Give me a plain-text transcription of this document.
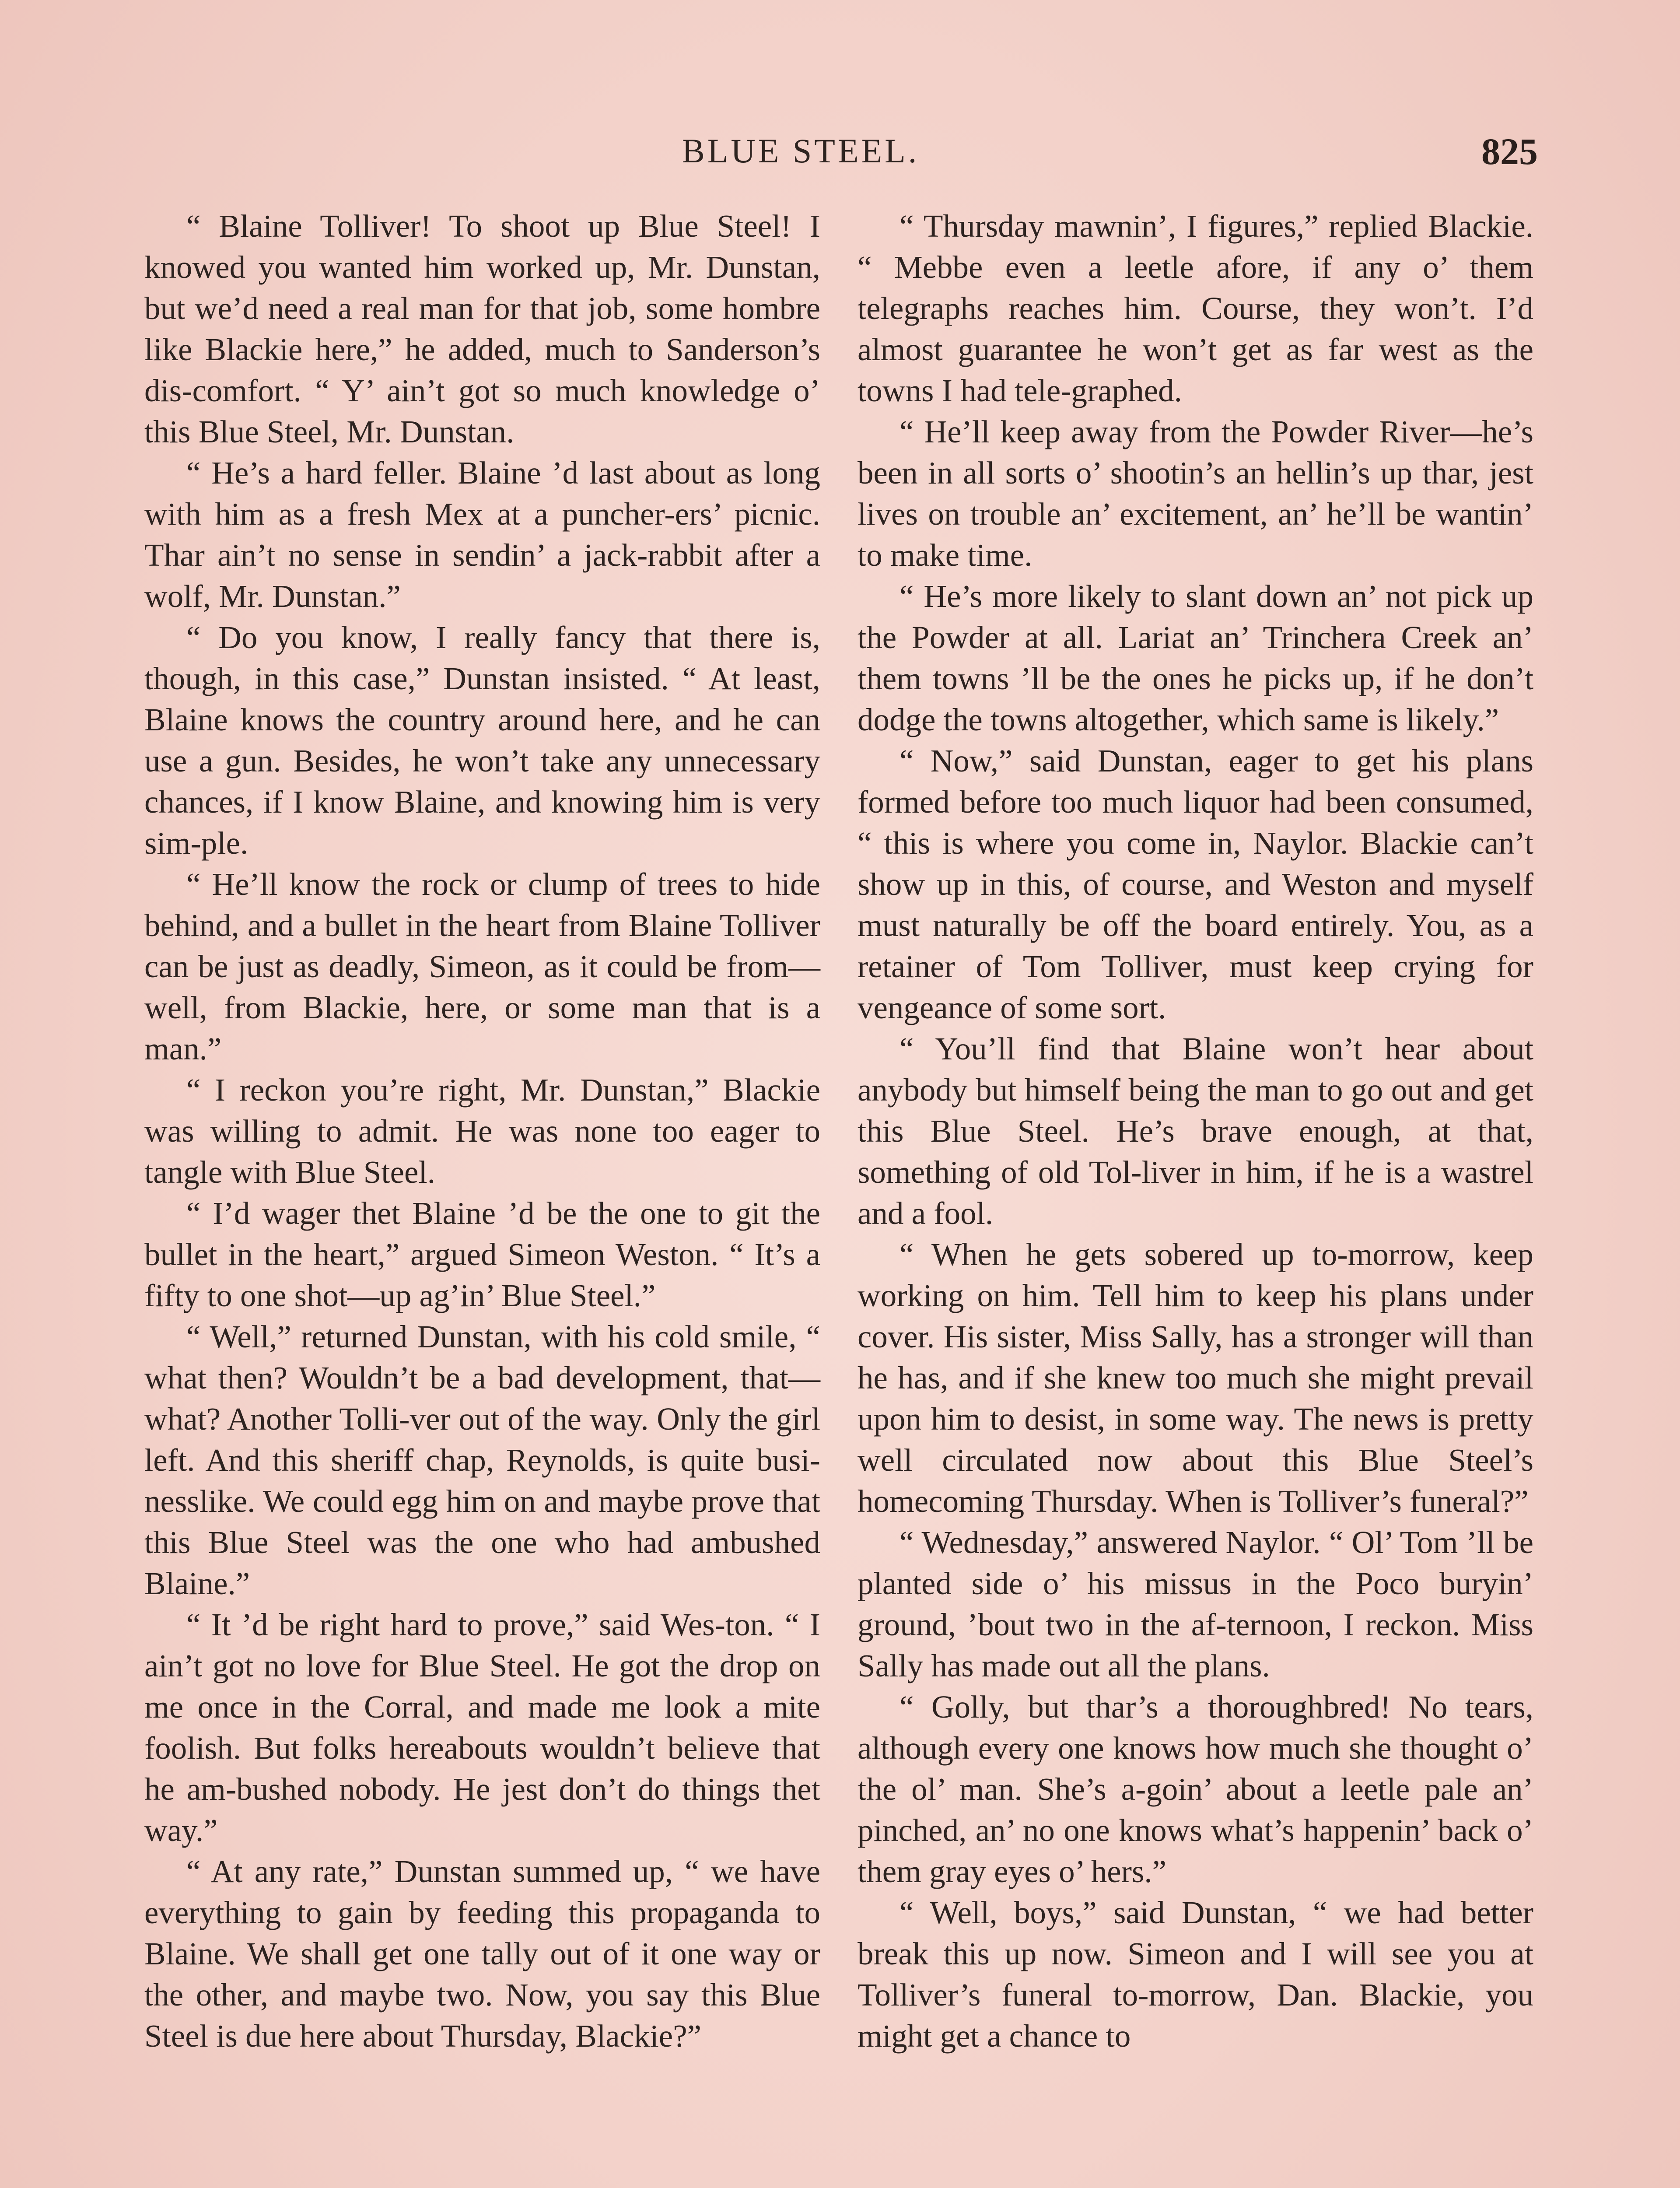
BLUE STEEL.	825

“ Blaine Tolliver! To shoot up Blue Steel! I knowed you wanted him worked up, Mr. Dunstan, but we’d need a real man for that job, some hombre like Blackie here,” he added, much to Sanderson’s dis-comfort. “ Y’ ain’t got so much knowledge o’ this Blue Steel, Mr. Dunstan.

“ He’s a hard feller. Blaine ’d last about as long with him as a fresh Mex at a puncher-ers’ picnic. Thar ain’t no sense in sendin’ a jack-rabbit after a wolf, Mr. Dunstan.”

“ Do you know, I really fancy that there is, though, in this case,” Dunstan insisted. “ At least, Blaine knows the country around here, and he can use a gun. Besides, he won’t take any unnecessary chances, if I know Blaine, and knowing him is very sim-ple.

“ He’ll know the rock or clump of trees to hide behind, and a bullet in the heart from Blaine Tolliver can be just as deadly, Simeon, as it could be from—well, from Blackie, here, or some man that is a man.”

“ I reckon you’re right, Mr. Dunstan,” Blackie was willing to admit. He was none too eager to tangle with Blue Steel.

“ I’d wager thet Blaine ’d be the one to git the bullet in the heart,” argued Simeon Weston. “ It’s a fifty to one shot—up ag’in’ Blue Steel.”

“ Well,” returned Dunstan, with his cold smile, “ what then? Wouldn’t be a bad development, that—what? Another Tolli-ver out of the way. Only the girl left. And this sheriff chap, Reynolds, is quite busi-nesslike. We could egg him on and maybe prove that this Blue Steel was the one who had ambushed Blaine.”

“ It ’d be right hard to prove,” said Wes-ton. “ I ain’t got no love for Blue Steel. He got the drop on me once in the Corral, and made me look a mite foolish. But folks hereabouts wouldn’t believe that he am-bushed nobody. He jest don’t do things thet way.”

“ At any rate,” Dunstan summed up, “ we have everything to gain by feeding this propaganda to Blaine. We shall get one tally out of it one way or the other, and maybe two. Now, you say this Blue Steel is due here about Thursday, Blackie?”

“ Thursday mawnin’, I figures,” replied Blackie. “ Mebbe even a leetle afore, if any o’ them telegraphs reaches him. Course, they won’t. I’d almost guarantee he won’t get as far west as the towns I had tele-graphed.

“ He’ll keep away from the Powder River—he’s been in all sorts o’ shootin’s an hellin’s up thar, jest lives on trouble an’ excitement, an’ he’ll be wantin’ to make time.

“ He’s more likely to slant down an’ not pick up the Powder at all. Lariat an’ Trinchera Creek an’ them towns ’ll be the ones he picks up, if he don’t dodge the towns altogether, which same is likely.”

“ Now,” said Dunstan, eager to get his plans formed before too much liquor had been consumed, “ this is where you come in, Naylor. Blackie can’t show up in this, of course, and Weston and myself must naturally be off the board entirely. You, as a retainer of Tom Tolliver, must keep crying for vengeance of some sort.

“ You’ll find that Blaine won’t hear about anybody but himself being the man to go out and get this Blue Steel. He’s brave enough, at that, something of old Tol-liver in him, if he is a wastrel and a fool.

“ When he gets sobered up to-morrow, keep working on him. Tell him to keep his plans under cover. His sister, Miss Sally, has a stronger will than he has, and if she knew too much she might prevail upon him to desist, in some way. The news is pretty well circulated now about this Blue Steel’s homecoming Thursday. When is Tolliver’s funeral?”

“ Wednesday,” answered Naylor. “ Ol’ Tom ’ll be planted side o’ his missus in the Poco buryin’ ground, ’bout two in the af-ternoon, I reckon. Miss Sally has made out all the plans.

“ Golly, but thar’s a thoroughbred! No tears, although every one knows how much she thought o’ the ol’ man. She’s a-goin’ about a leetle pale an’ pinched, an’ no one knows what’s happenin’ back o’ them gray eyes o’ hers.”

“ Well, boys,” said Dunstan, “ we had better break this up now. Simeon and I will see you at Tolliver’s funeral to-morrow, Dan. Blackie, you might get a chance to
